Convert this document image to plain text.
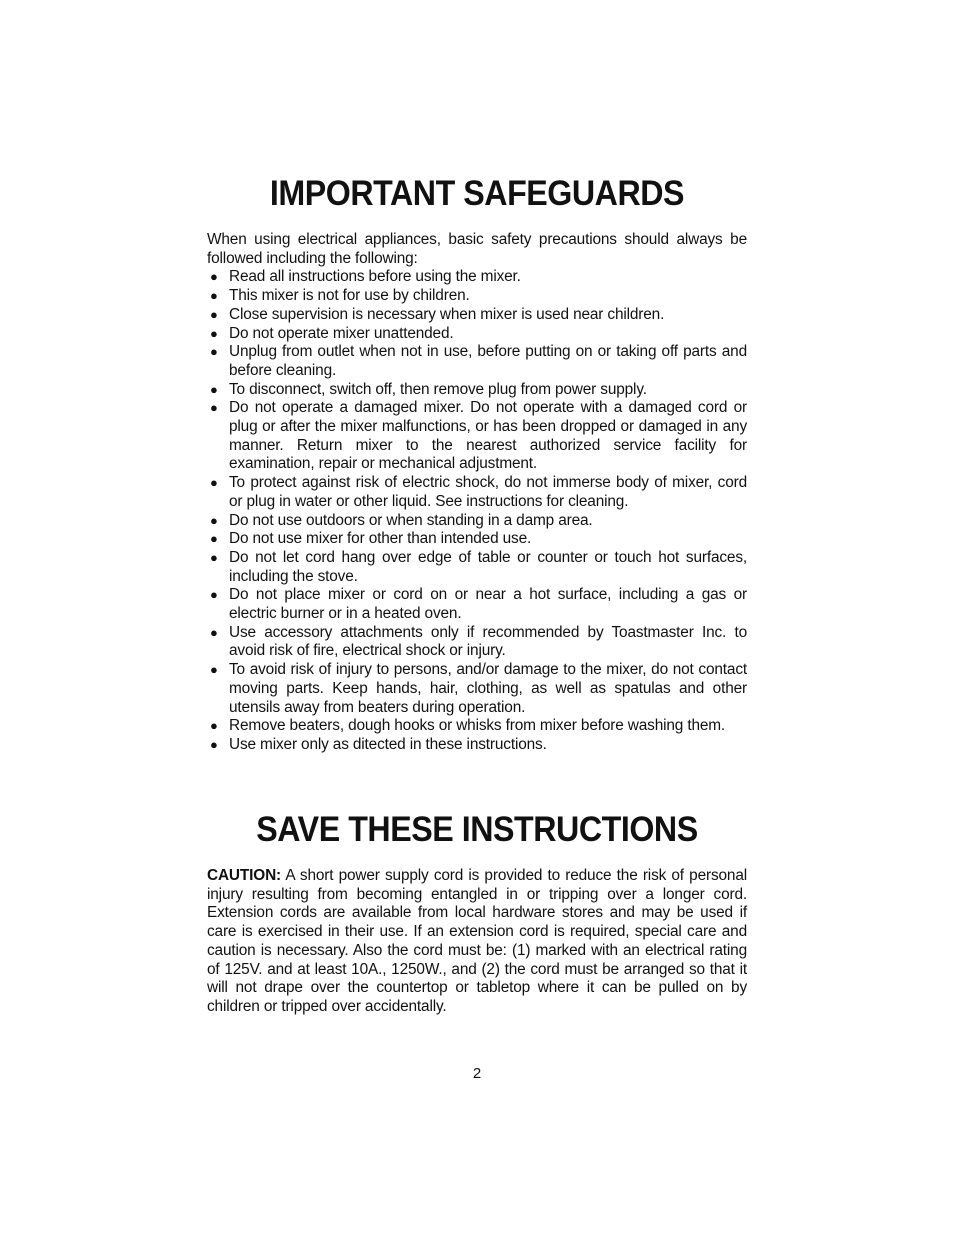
IMPORTANT SAFEGUARDS

When using electrical appliances, basic safety precautions should always be followed including the following:

●
Read all instructions before using the mixer.
●
This mixer is not for use by children.
●
Close supervision is necessary when mixer is used near children.
●
Do not operate mixer unattended.
●
Unplug from outlet when not in use, before putting on or taking off parts and before cleaning.
●
To disconnect, switch off, then remove plug from power supply.
●
Do not operate a damaged mixer. Do not operate with a damaged cord or plug or after the mixer malfunctions, or has been dropped or damaged in any manner. Return mixer to the nearest authorized service facility for examination, repair or mechanical adjustment.
●
To protect against risk of electric shock, do not immerse body of mixer, cord or plug in water or other liquid. See instructions for cleaning.
●
Do not use outdoors or when standing in a damp area.
●
Do not use mixer for other than intended use.
●
Do not let cord hang over edge of table or counter or touch hot surfaces, including the stove.
●
Do not place mixer or cord on or near a hot surface, including a gas or electric burner or in a heated oven.
●
Use accessory attachments only if recommended by Toastmaster Inc. to avoid risk of fire, electrical shock or injury.
●
To avoid risk of injury to persons, and/or damage to the mixer, do not contact moving parts. Keep hands, hair, clothing, as well as spatulas and other utensils away from beaters during operation.
●
Remove beaters, dough hooks or whisks from mixer before washing them.
●
Use mixer only as ditected in these instructions.
SAVE THESE INSTRUCTIONS

CAUTION: A short power supply cord is provided to reduce the risk of personal injury resulting from becoming entangled in or tripping over a longer cord. Extension cords are available from local hardware stores and may be used if care is exercised in their use. If an extension cord is required, special care and caution is necessary. Also the cord must be: (1) marked with an electrical rating of 125V. and at least 10A., 1250W., and (2) the cord must be arranged so that it will not drape over the countertop or tabletop where it can be pulled on by children or tripped over accidentally.

2
